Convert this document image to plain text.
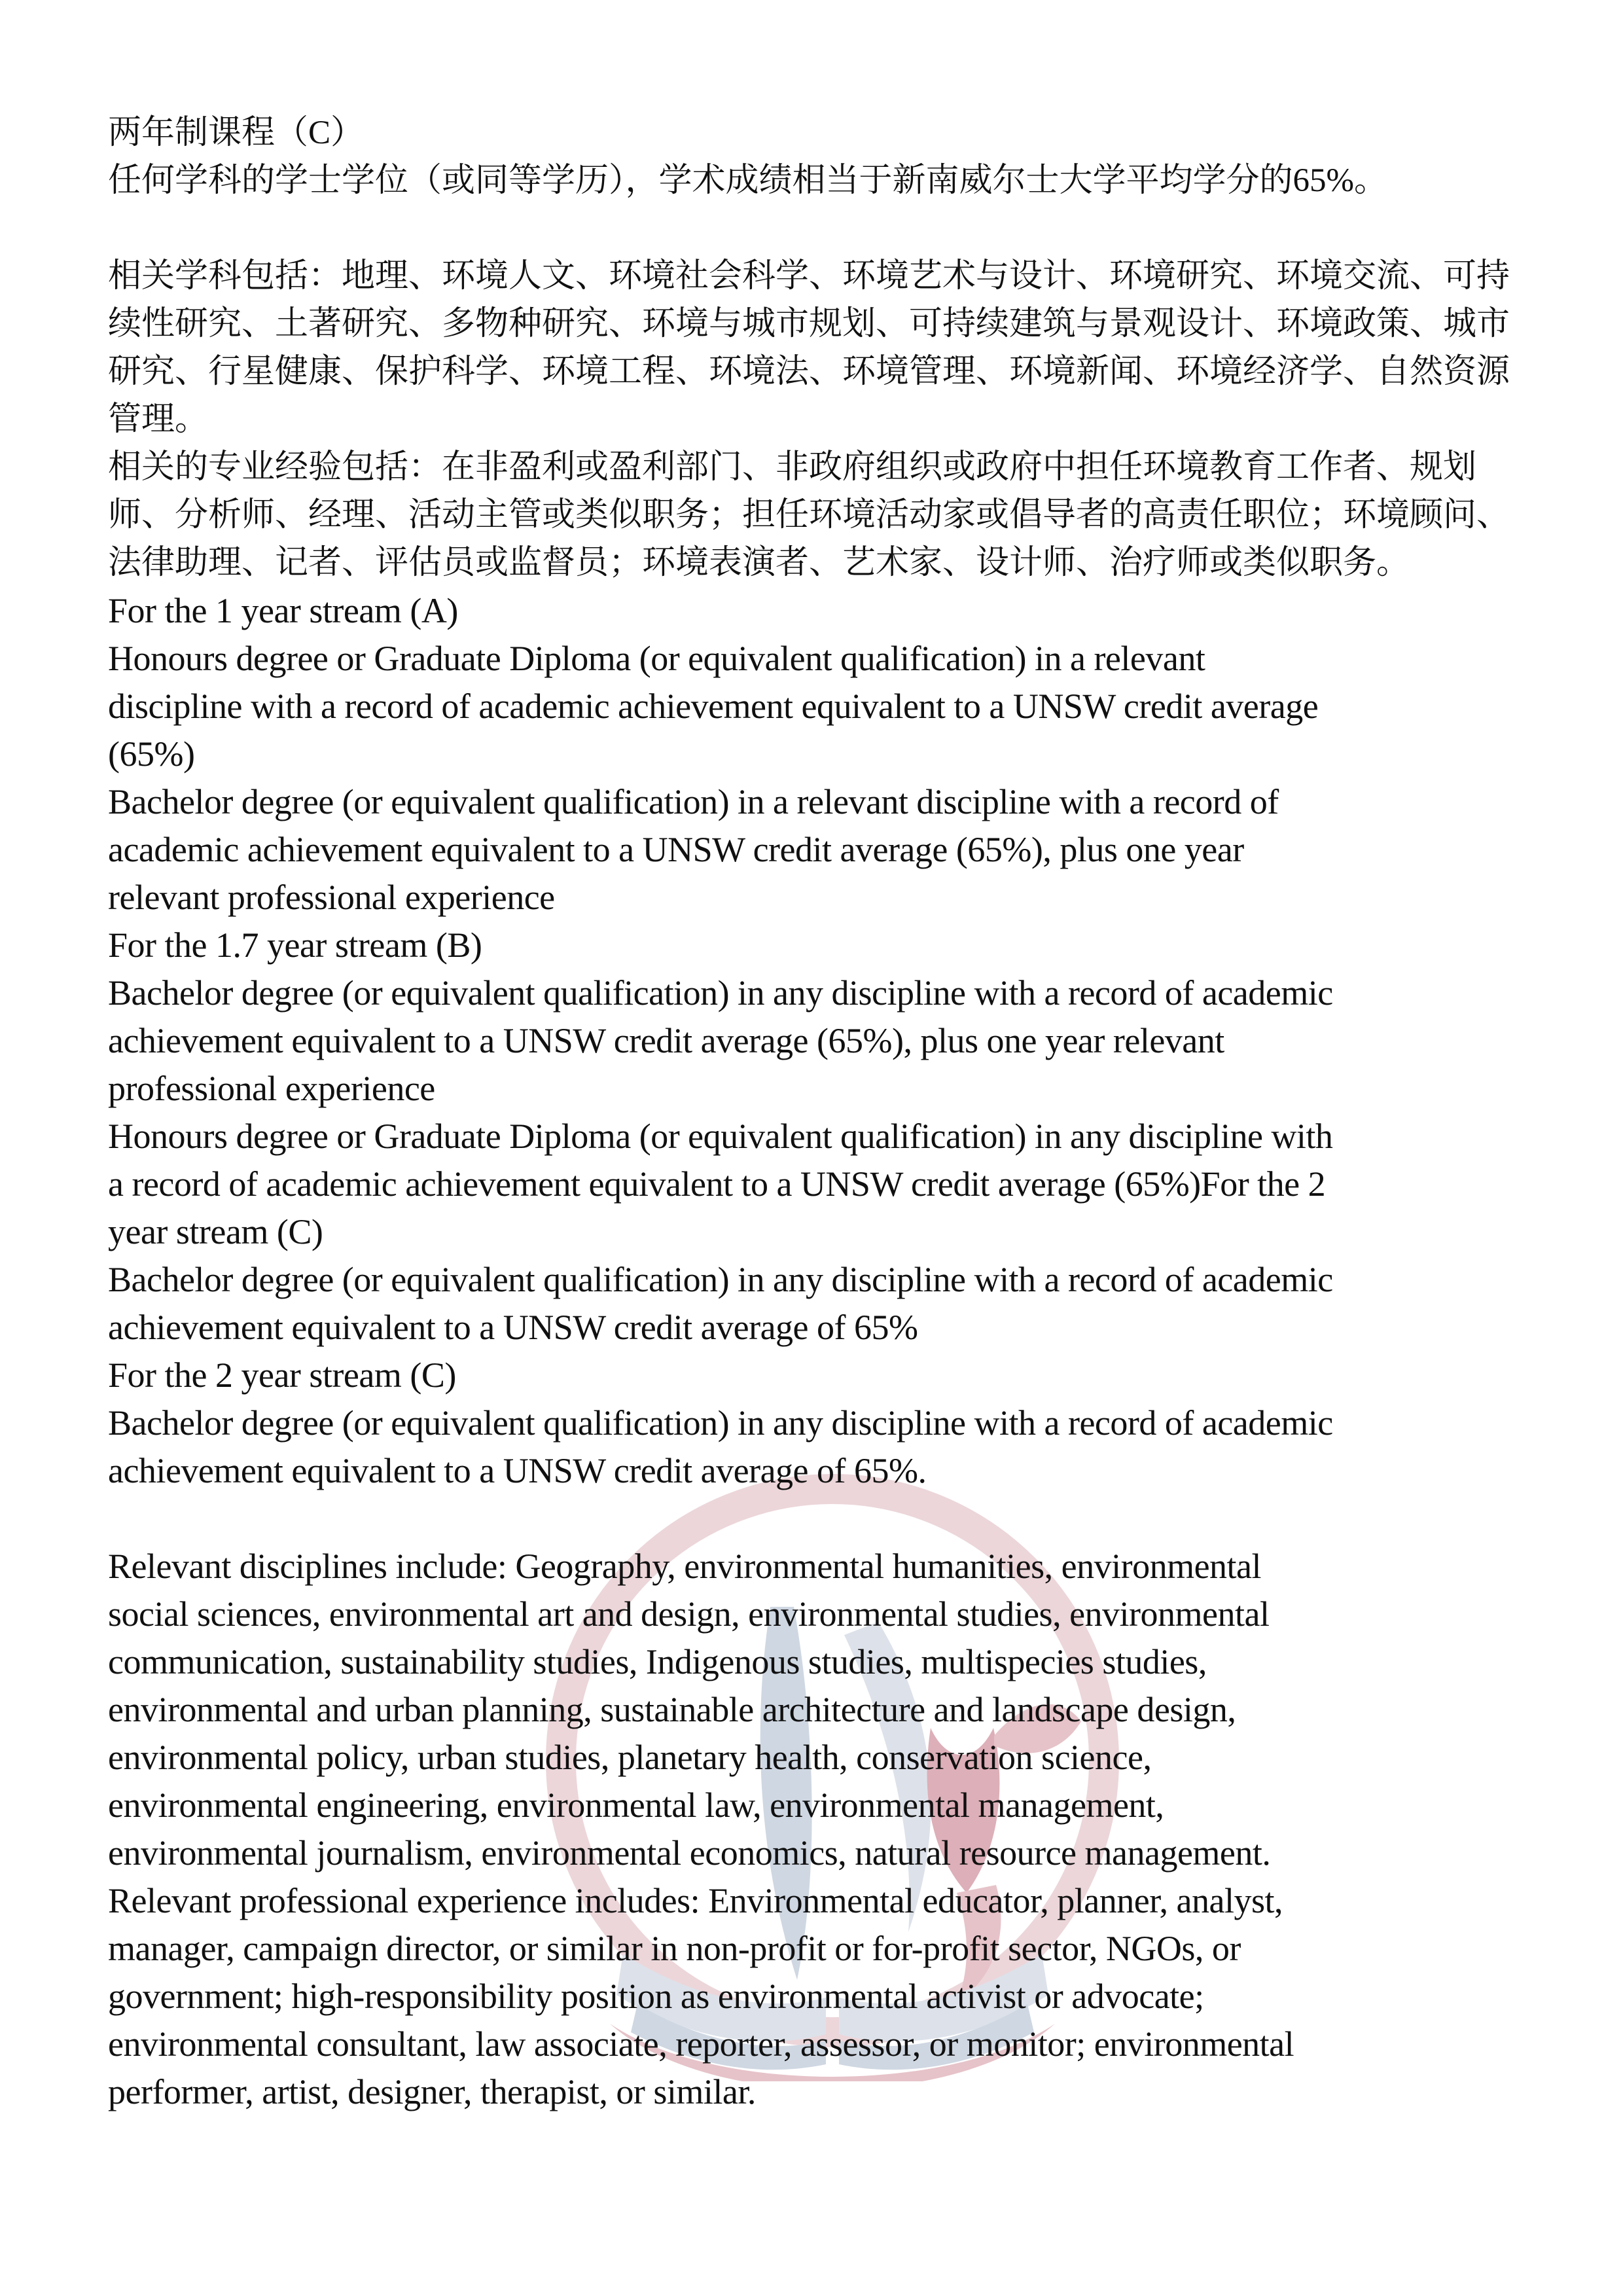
两年制课程（C）
任何学科的学士学位（或同等学历），学术成绩相当于新南威尔士大学平均学分的65%。

相关学科包括：地理、环境人文、环境社会科学、环境艺术与设计、环境研究、环境交流、可持
续性研究、土著研究、多物种研究、环境与城市规划、可持续建筑与景观设计、环境政策、城市
研究、行星健康、保护科学、环境工程、环境法、环境管理、环境新闻、环境经济学、自然资源
管理。
相关的专业经验包括：在非盈利或盈利部门、非政府组织或政府中担任环境教育工作者、规划
师、分析师、经理、活动主管或类似职务；担任环境活动家或倡导者的高责任职位；环境顾问、
法律助理、记者、评估员或监督员；环境表演者、艺术家、设计师、治疗师或类似职务。
For the 1 year stream (A)
Honours degree or Graduate Diploma (or equivalent qualification) in a relevant
discipline with a record of academic achievement equivalent to a UNSW credit average
(65%)
Bachelor degree (or equivalent qualification) in a relevant discipline with a record of
academic achievement equivalent to a UNSW credit average (65%), plus one year
relevant professional experience
For the 1.7 year stream (B)
Bachelor degree (or equivalent qualification) in any discipline with a record of academic
achievement equivalent to a UNSW credit average (65%), plus one year relevant
professional experience
Honours degree or Graduate Diploma (or equivalent qualification) in any discipline with
a record of academic achievement equivalent to a UNSW credit average (65%)For the 2
year stream (C)
Bachelor degree (or equivalent qualification) in any discipline with a record of academic
achievement equivalent to a UNSW credit average of 65%
For the 2 year stream (C)
Bachelor degree (or equivalent qualification) in any discipline with a record of academic
achievement equivalent to a UNSW credit average of 65%.

Relevant disciplines include: Geography, environmental humanities, environmental
social sciences, environmental art and design, environmental studies, environmental
communication, sustainability studies, Indigenous studies, multispecies studies,
environmental and urban planning, sustainable architecture and landscape design,
environmental policy, urban studies, planetary health, conservation science,
environmental engineering, environmental law, environmental management,
environmental journalism, environmental economics, natural resource management.
Relevant professional experience includes: Environmental educator, planner, analyst,
manager, campaign director, or similar in non-profit or for-profit sector, NGOs, or
government; high-responsibility position as environmental activist or advocate;
environmental consultant, law associate, reporter, assessor, or monitor; environmental
performer, artist, designer, therapist, or similar.
